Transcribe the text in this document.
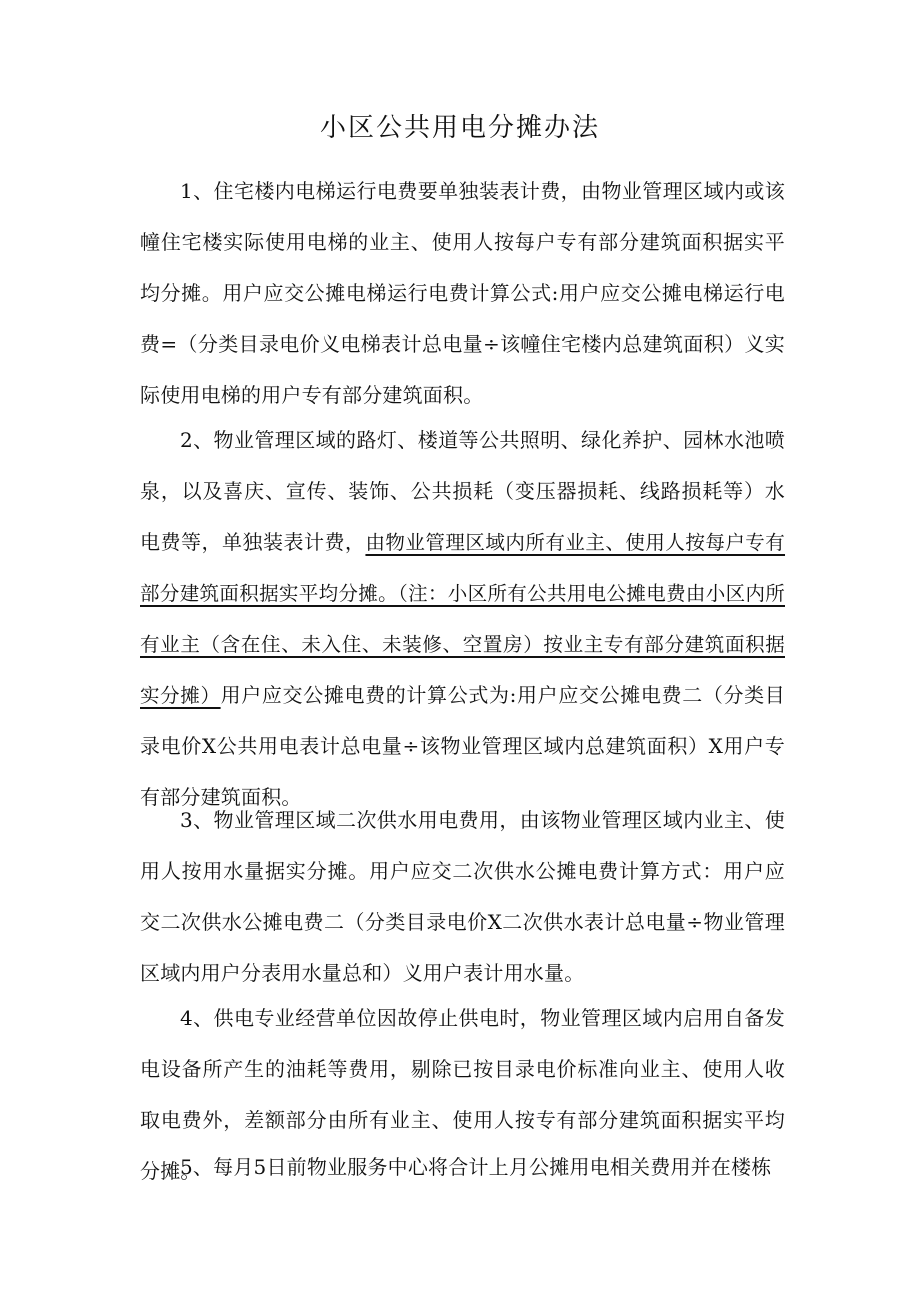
小区公共用电分摊办法

1、住宅楼内电梯运行电费要单独装表计费，由物业管理区域内或该幢住宅楼实际使用电梯的业主、使用人按每户专有部分建筑面积据实平均分摊。用户应交公摊电梯运行电费计算公式:用户应交公摊电梯运行电费=（分类目录电价义电梯表计总电量÷该幢住宅楼内总建筑面积）义实际使用电梯的用户专有部分建筑面积。

2、物业管理区域的路灯、楼道等公共照明、绿化养护、园林水池喷泉，以及喜庆、宣传、装饰、公共损耗（变压器损耗、线路损耗等）水电费等，单独装表计费，由物业管理区域内所有业主、使用人按每户专有部分建筑面积据实平均分摊。（注：小区所有公共用电公摊电费由小区内所有业主（含在住、未入住、未装修、空置房）按业主专有部分建筑面积据实分摊）用户应交公摊电费的计算公式为:用户应交公摊电费二（分类目录电价X公共用电表计总电量÷该物业管理区域内总建筑面积）X用户专有部分建筑面积。

3、物业管理区域二次供水用电费用，由该物业管理区域内业主、使用人按用水量据实分摊。用户应交二次供水公摊电费计算方式：用户应交二次供水公摊电费二（分类目录电价X二次供水表计总电量÷物业管理区域内用户分表用水量总和）义用户表计用水量。

4、供电专业经营单位因故停止供电时，物业管理区域内启用自备发电设备所产生的油耗等费用，剔除已按目录电价标准向业主、使用人收取电费外，差额部分由所有业主、使用人按专有部分建筑面积据实平均分摊。

5、每月5日前物业服务中心将合计上月公摊用电相关费用并在楼栋
